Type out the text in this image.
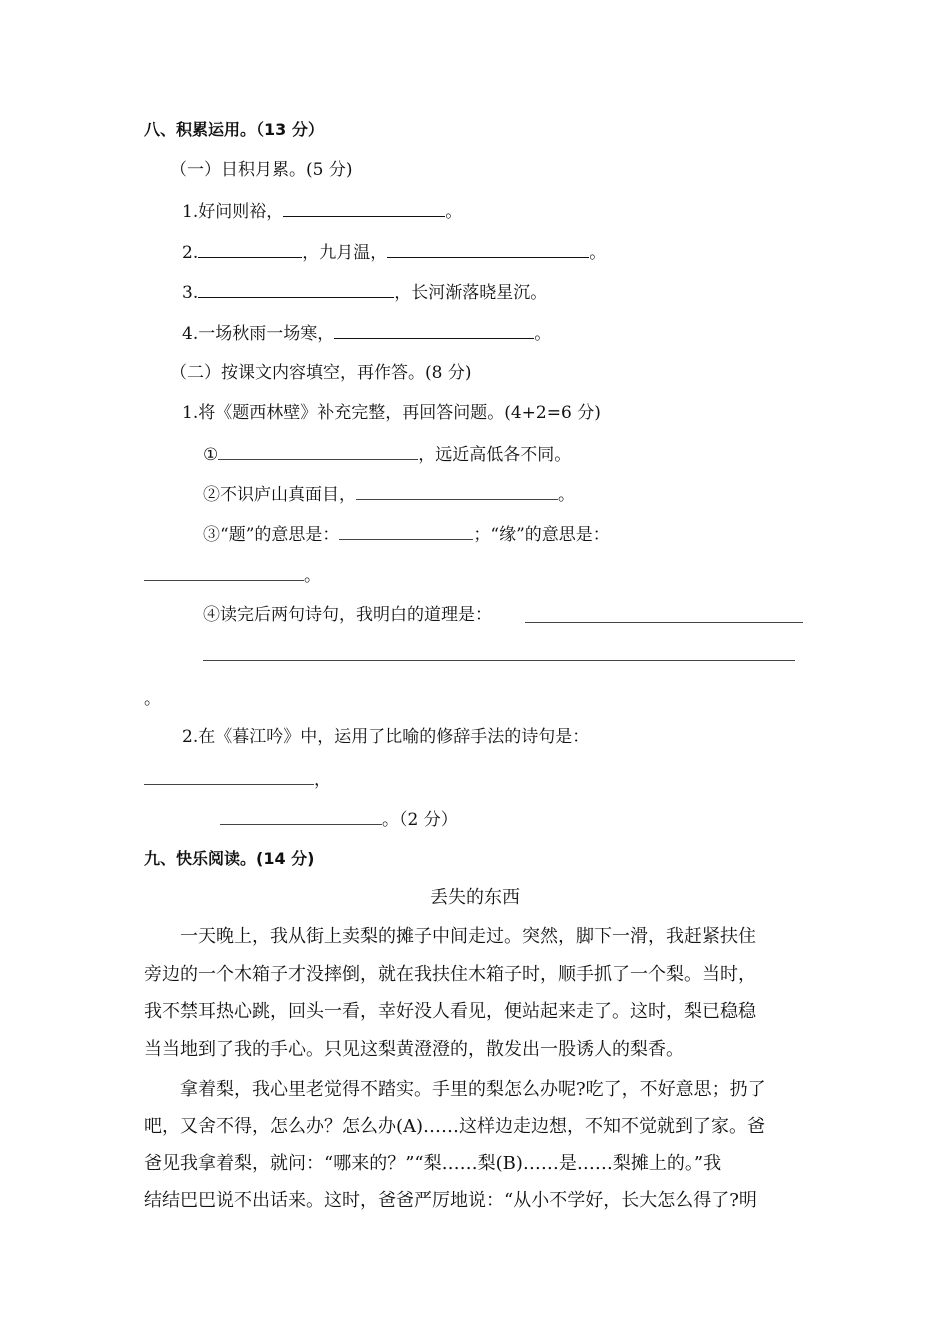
八、积累运用。（13 分）
（一）日积月累。(5 分)
1.好问则裕，	。
2.	，九月温，	。
3.	，长河渐落晓星沉。
4.一场秋雨一场寒，	。
（二）按课文内容填空，再作答。(8 分)
1.将《题西林壁》补充完整，再回答问题。(4+2=6 分)
①	，远近高低各不同。
②不识庐山真面目，	。
③“题”的意思是：	；“缘”的意思是：
。
④读完后两句诗句，我明白的道理是：
。
2.在《暮江吟》中，运用了比喻的修辞手法的诗句是：
，
。（2 分）
九、快乐阅读。(14 分)
丢失的东西
一天晚上，我从街上卖梨的摊子中间走过。突然，脚下一滑，我赶紧扶住
旁边的一个木箱子才没摔倒，就在我扶住木箱子时，顺手抓了一个梨。当时，
我不禁耳热心跳，回头一看，幸好没人看见，便站起来走了。这时，梨已稳稳
当当地到了我的手心。只见这梨黄澄澄的，散发出一股诱人的梨香。
拿着梨，我心里老觉得不踏实。手里的梨怎么办呢?吃了，不好意思；扔了
吧，又舍不得，怎么办？怎么办(A)……这样边走边想，不知不觉就到了家。爸
爸见我拿着梨，就问：“哪来的？”“梨……梨(B)……是……梨摊上的。”我
结结巴巴说不出话来。这时，爸爸严厉地说：“从小不学好，长大怎么得了?明
